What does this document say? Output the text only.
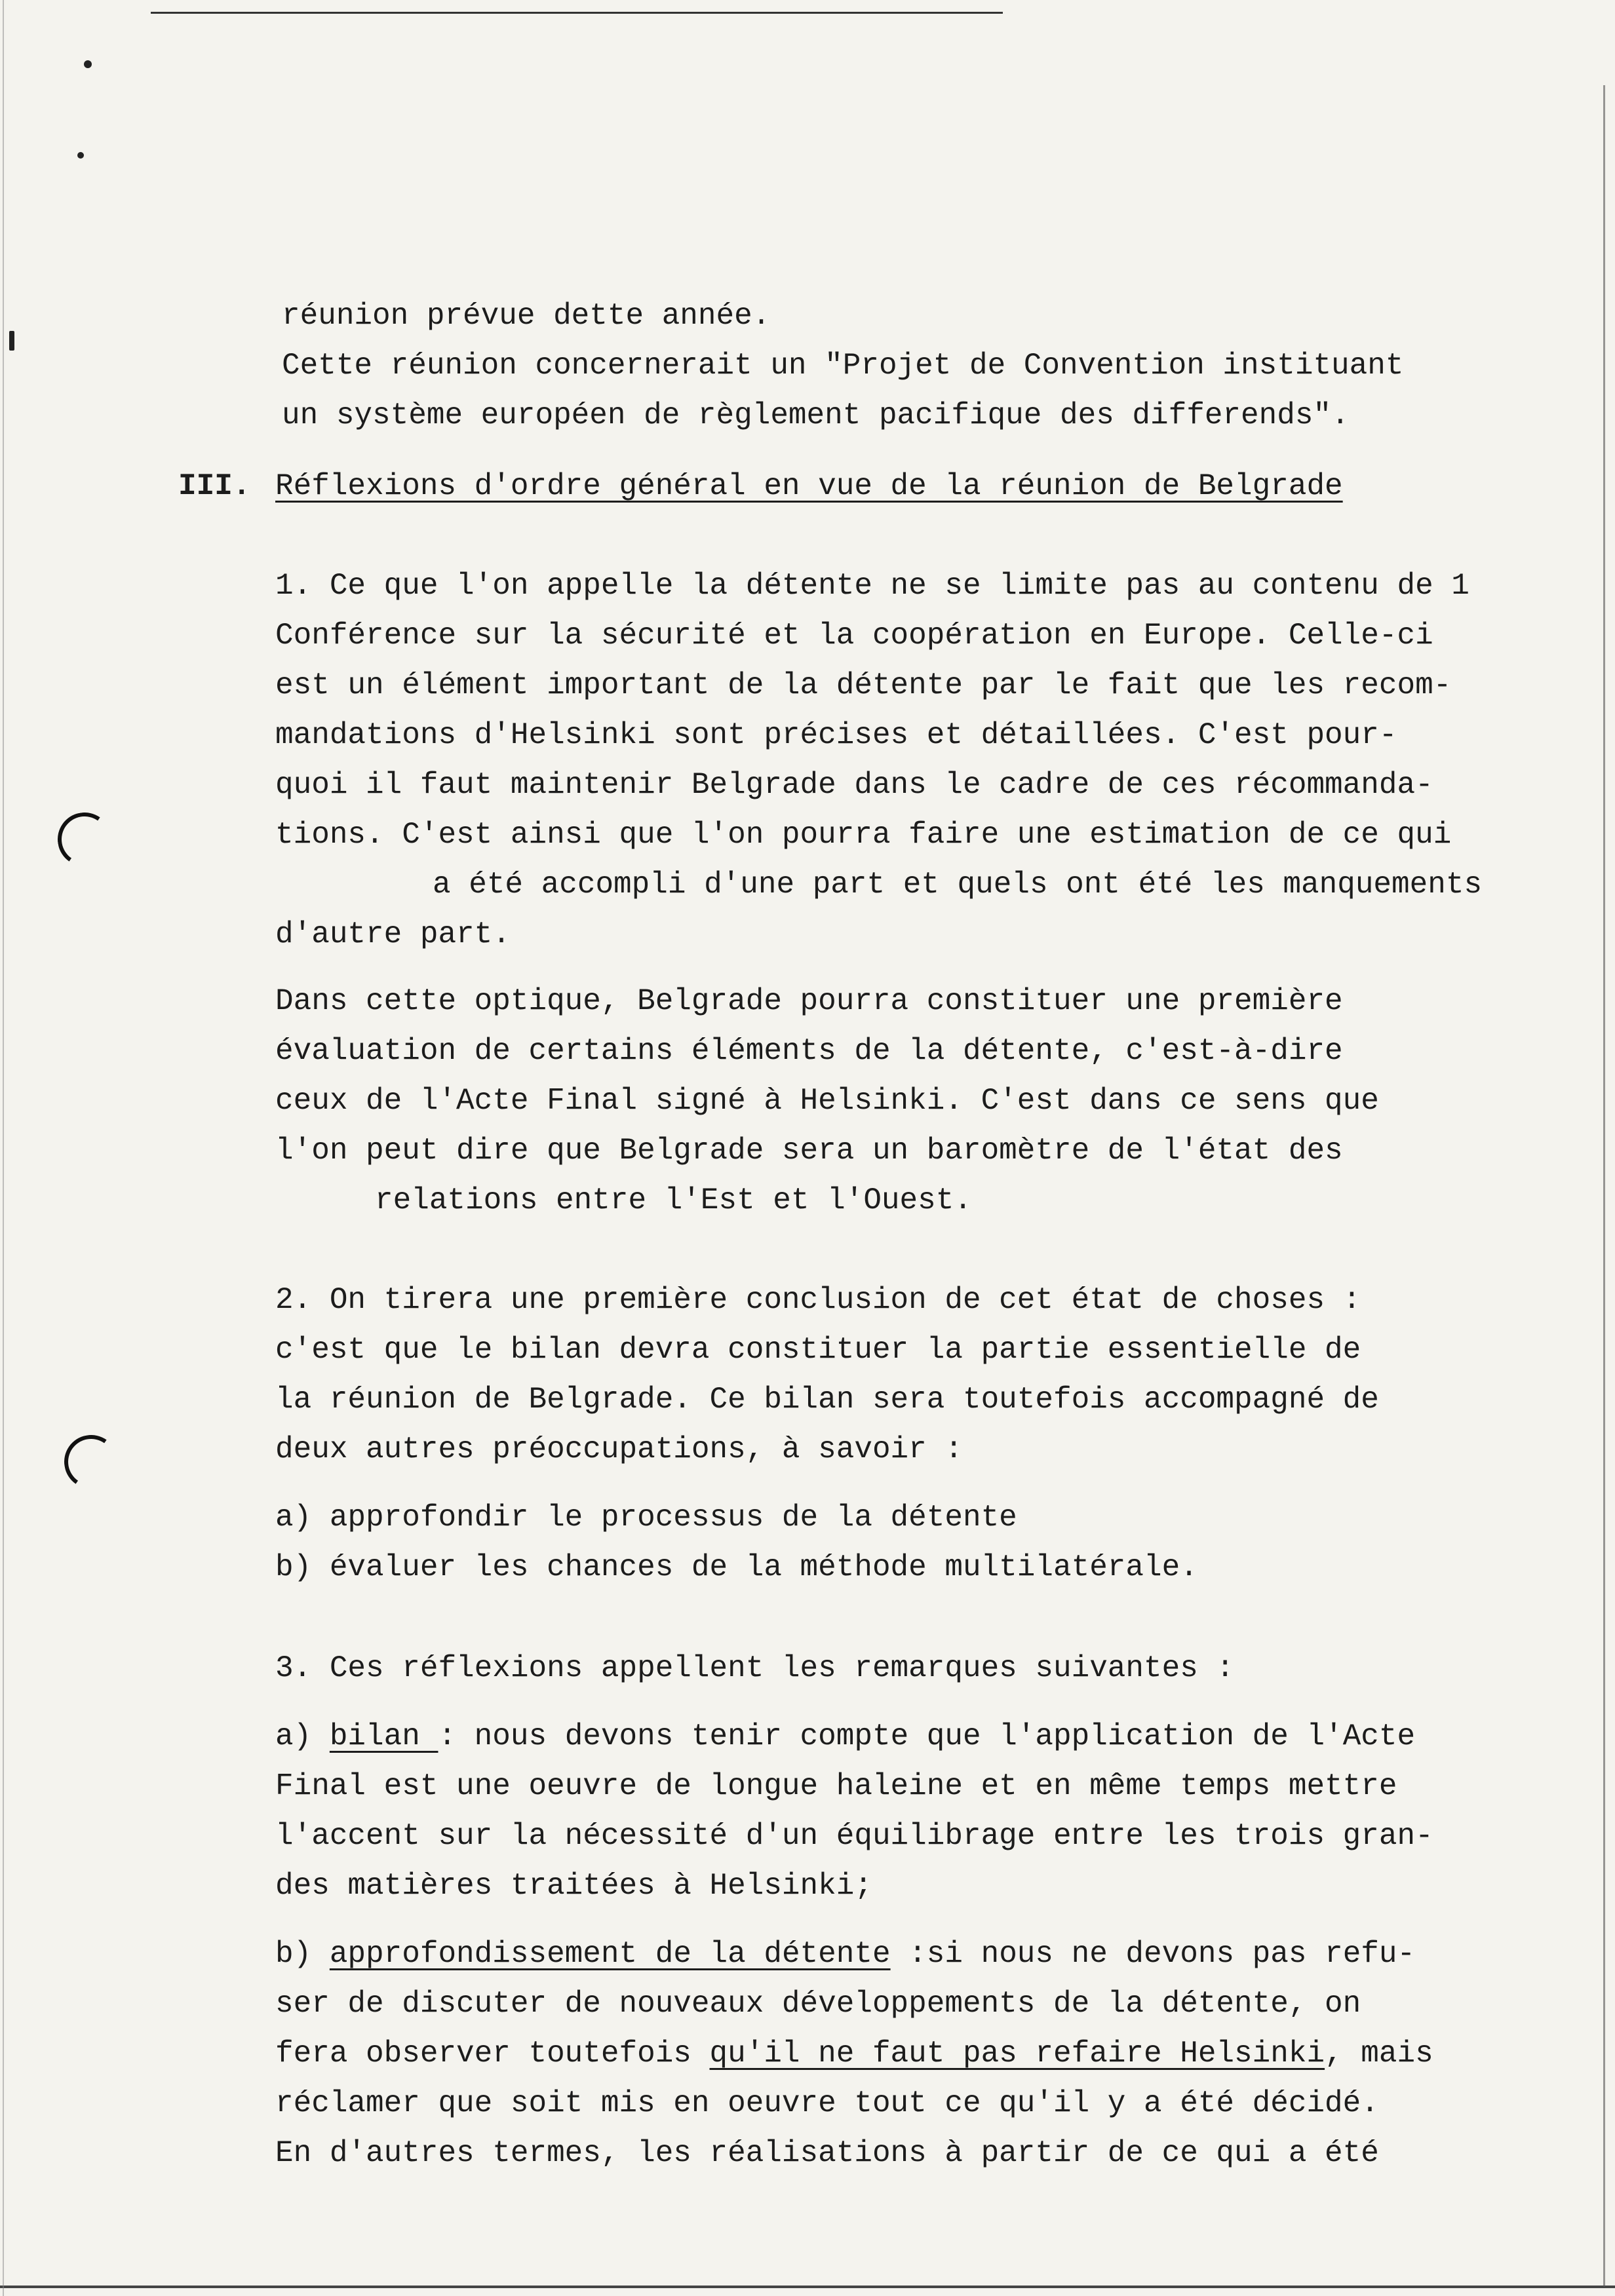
réunion prévue dette année.
Cette réunion concernerait un "Projet de Convention instituant
un système européen de règlement pacifique des differends".
III. Réflexions d'ordre général en vue de la réunion de Belgrade
1. Ce que l'on appelle la détente ne se limite pas au contenu de 1
Conférence sur la sécurité et la coopération en Europe. Celle-ci
est un élément important de la détente par le fait que les recom-
mandations d'Helsinki sont précises et détaillées. C'est pour-
quoi il faut maintenir Belgrade dans le cadre de ces récommanda-
tions. C'est ainsi que l'on pourra faire une estimation de ce qui
a été accompli d'une part et quels ont été les manquements
d'autre part.
Dans cette optique, Belgrade pourra constituer une première
évaluation de certains éléments de la détente, c'est-à-dire
ceux de l'Acte Final signé à Helsinki. C'est dans ce sens que
l'on peut dire que Belgrade sera un baromètre de l'état des
relations entre l'Est et l'Ouest.
2. On tirera une première conclusion de cet état de choses :
c'est que le bilan devra constituer la partie essentielle de
la réunion de Belgrade. Ce bilan sera toutefois accompagné de
deux autres préoccupations, à savoir :
a) approfondir le processus de la détente
b) évaluer les chances de la méthode multilatérale.
3. Ces réflexions appellent les remarques suivantes :
a) bilan : nous devons tenir compte que l'application de l'Acte
Final est une oeuvre de longue haleine et en même temps mettre
l'accent sur la nécessité d'un équilibrage entre les trois gran-
des matières traitées à Helsinki;
b) approfondissement de la détente :si nous ne devons pas refu-
ser de discuter de nouveaux développements de la détente, on
fera observer toutefois qu'il ne faut pas refaire Helsinki, mais
réclamer que soit mis en oeuvre tout ce qu'il y a été décidé.
En d'autres termes, les réalisations à partir de ce qui a été
